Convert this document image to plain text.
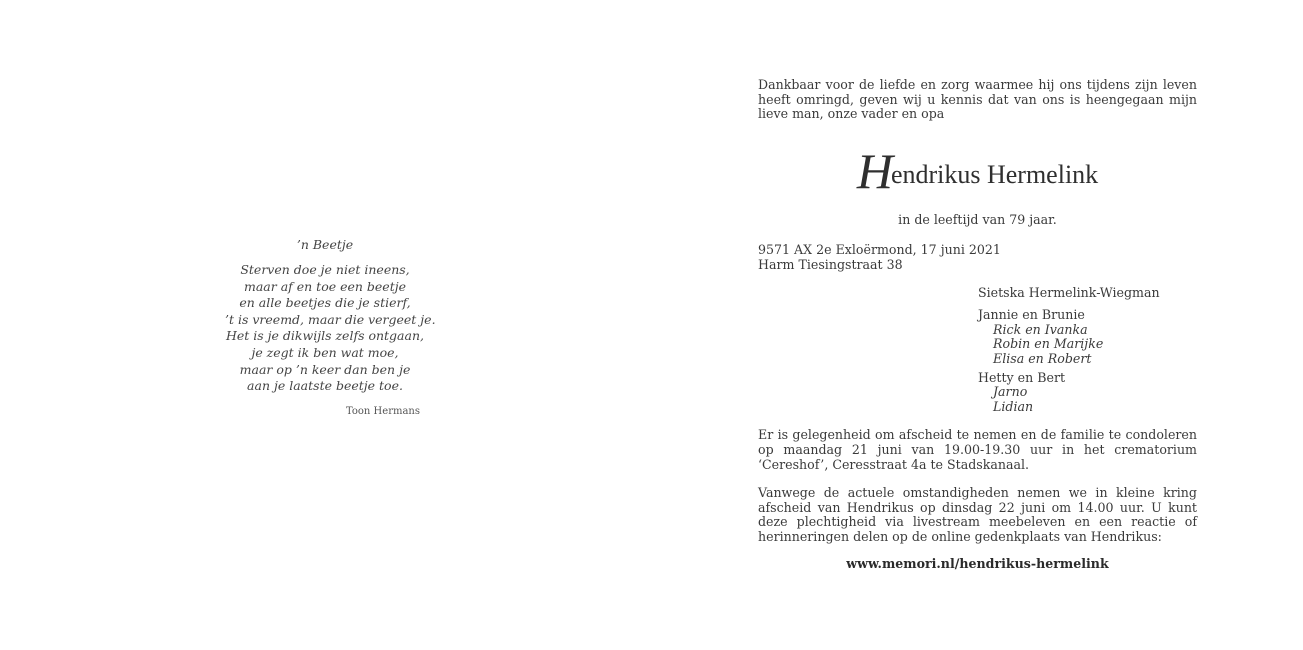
’n Beetje
Sterven doe je niet ineens,
maar af en toe een beetje
en alle beetjes die je stierf,
’t is vreemd, maar die vergeet je.
Het is je dikwijls zelfs ontgaan,
je zegt ik ben wat moe,
maar op ’n keer dan ben je
aan je laatste beetje toe.
Toon Hermans

Dankbaar voor de liefde en zorg waarmee hij ons tijdens zijn leven heeft omringd, geven wij u kennis dat van ons is heengegaan mijn lieve man, onze vader en opa

Hendrikus Hermelink
in de leeftijd van 79 jaar.
9571 AX 2e Exloërmond, 17 juni 2021
Harm Tiesingstraat 38
Sietska Hermelink-Wiegman
Jannie en Brunie
Rick en Ivanka
Robin en Marijke
Elisa en Robert
Hetty en Bert
Jarno
Lidian

Er is gelegenheid om afscheid te nemen en de familie te condoleren op maandag 21 juni van 19.00-19.30 uur in het crematorium ‘Cereshof’, Ceresstraat 4a te Stadskanaal.

Vanwege de actuele omstandigheden nemen we in kleine kring afscheid van Hendrikus op dinsdag 22 juni om 14.00 uur. U kunt deze plechtigheid via livestream meebeleven en een reactie of herinneringen delen op de online gedenkplaats van Hendrikus:

www.memori.nl/hendrikus-hermelink
